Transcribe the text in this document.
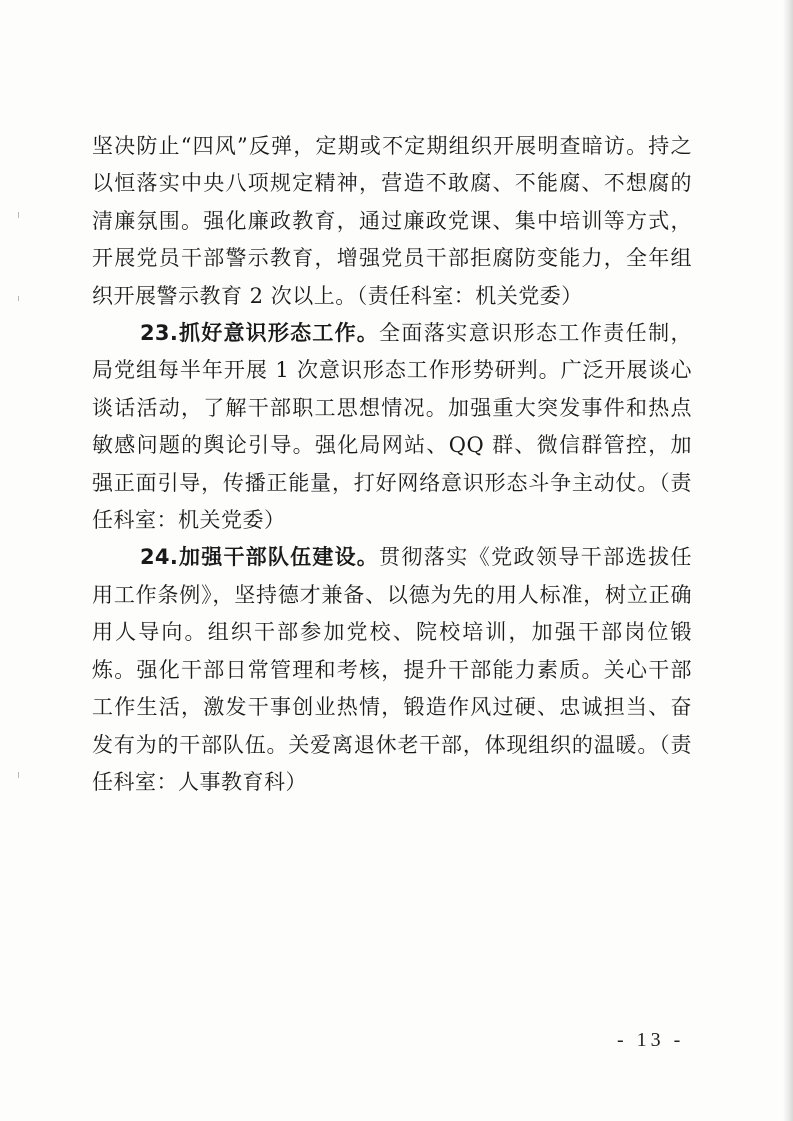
坚决防止“四风”反弹，定期或不定期组织开展明查暗访。持之以恒落实中央八项规定精神，营造不敢腐、不能腐、不想腐的清廉氛围。强化廉政教育，通过廉政党课、集中培训等方式，开展党员干部警示教育，增强党员干部拒腐防变能力，全年组织开展警示教育 2 次以上。（责任科室：机关党委）

23.抓好意识形态工作。全面落实意识形态工作责任制，局党组每半年开展 1 次意识形态工作形势研判。广泛开展谈心谈话活动，了解干部职工思想情况。加强重大突发事件和热点敏感问题的舆论引导。强化局网站、QQ 群、微信群管控，加强正面引导，传播正能量，打好网络意识形态斗争主动仗。（责任科室：机关党委）

24.加强干部队伍建设。贯彻落实《党政领导干部选拔任用工作条例》，坚持德才兼备、以德为先的用人标准，树立正确用人导向。组织干部参加党校、院校培训，加强干部岗位锻炼。强化干部日常管理和考核，提升干部能力素质。关心干部工作生活，激发干事创业热情，锻造作风过硬、忠诚担当、奋发有为的干部队伍。关爱离退休老干部，体现组织的温暖。（责任科室：人事教育科）

- 13 -
